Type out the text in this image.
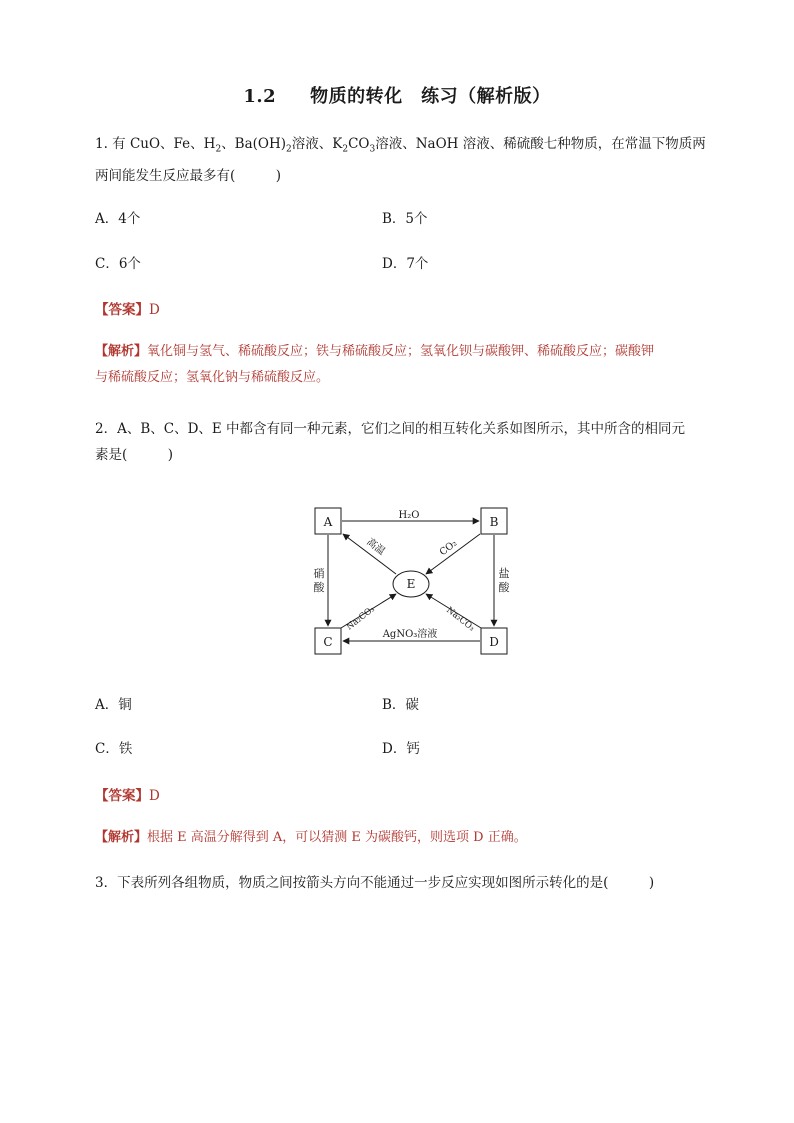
1.2 物质的转化　练习（解析版）
1. 有 CuO、Fe、$H_2$、$Ba(OH)_2$溶液、$K_2CO_3$溶液、NaOH 溶液、稀硫酸七种物质，在常温下物质两
两间能发生反应最多有(　　　)
A．4个	B．5个
C．6个	D．7个
【答案】D
【解析】氧化铜与氢气、稀硫酸反应；铁与稀硫酸反应；氢氧化钡与碳酸钾、稀硫酸反应；碳酸钾
与稀硫酸反应；氢氧化钠与稀硫酸反应。
2．A、B、C、D、E 中都含有同一种元素，它们之间的相互转化关系如图所示，其中所含的相同元
素是(　　　)
A	B
C	D
E
H₂O
硝
酸
盐
酸
高温	CO₂
Na₂CO₃	Na₂CO₃
AgNO₃溶液
A．铜	B．碳
C．铁	D．钙
【答案】D
【解析】根据 E 高温分解得到 A，可以猜测 E 为碳酸钙，则选项 D 正确。
3．下表所列各组物质，物质之间按箭头方向不能通过一步反应实现如图所示转化的是(　　　)
